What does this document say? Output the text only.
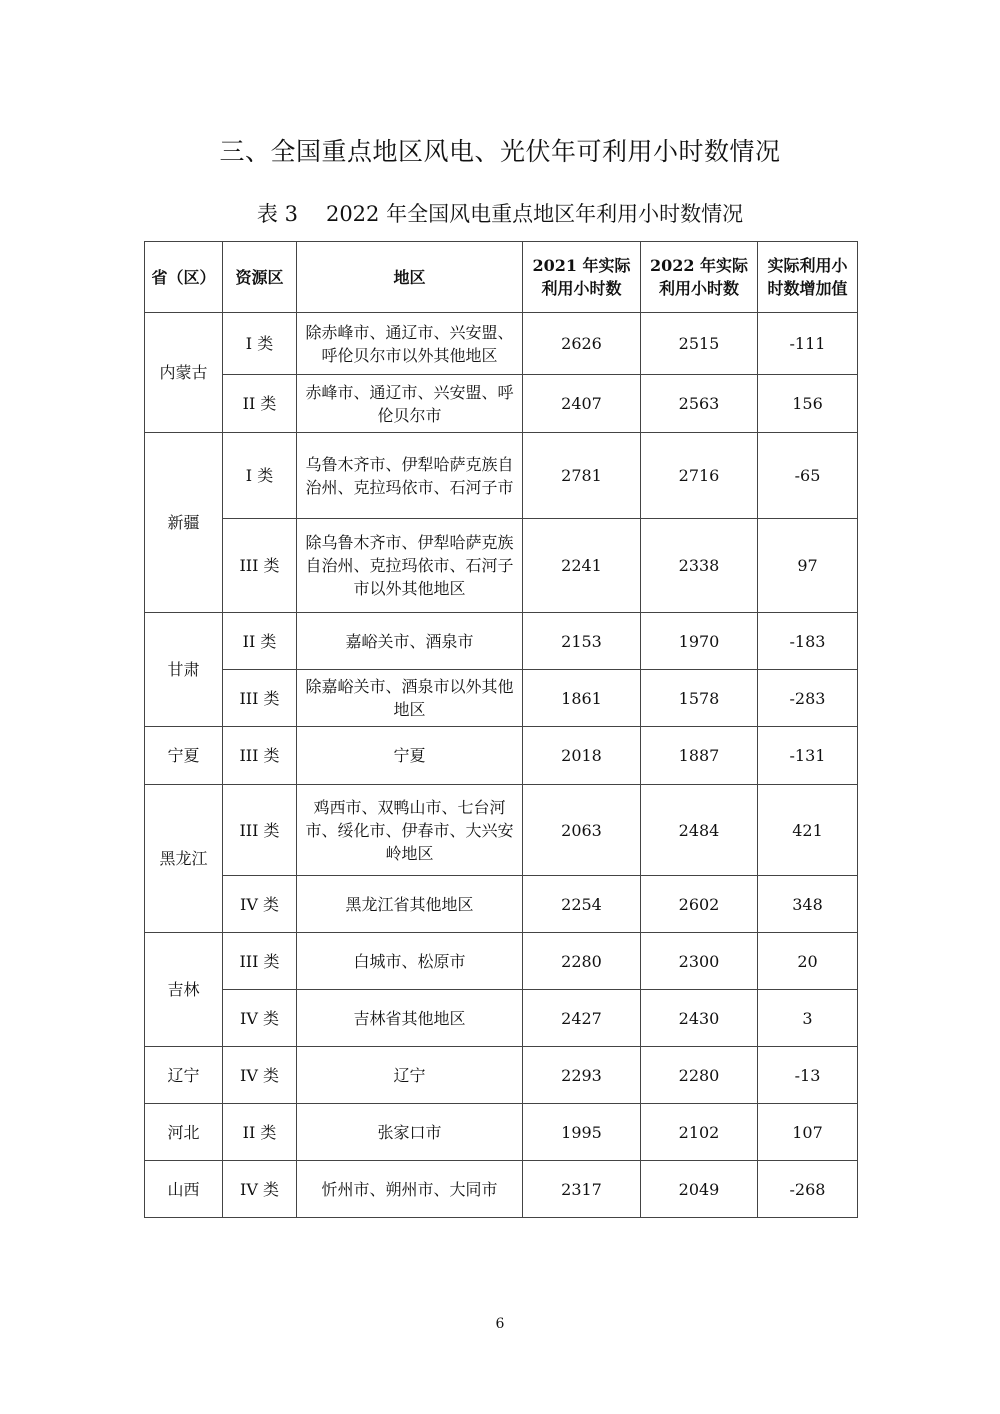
三、全国重点地区风电、光伏年可利用小时数情况
表 3 2022 年全国风电重点地区年利用小时数情况
省（区）	资源区	地区	2021 年实际利用小时数	2022 年实际利用小时数	实际利用小时数增加值
内蒙古	I 类	除赤峰市、通辽市、兴安盟、呼伦贝尔市以外其他地区	2626	2515	-111
	II 类	赤峰市、通辽市、兴安盟、呼伦贝尔市	2407	2563	156
新疆	I 类	乌鲁木齐市、伊犁哈萨克族自治州、克拉玛依市、石河子市	2781	2716	-65
	III 类	除乌鲁木齐市、伊犁哈萨克族自治州、克拉玛依市、石河子市以外其他地区	2241	2338	97
甘肃	II 类	嘉峪关市、酒泉市	2153	1970	-183
	III 类	除嘉峪关市、酒泉市以外其他地区	1861	1578	-283
宁夏	III 类	宁夏	2018	1887	-131
黑龙江	III 类	鸡西市、双鸭山市、七台河市、绥化市、伊春市、大兴安岭地区	2063	2484	421
	IV 类	黑龙江省其他地区	2254	2602	348
吉林	III 类	白城市、松原市	2280	2300	20
	IV 类	吉林省其他地区	2427	2430	3
辽宁	IV 类	辽宁	2293	2280	-13
河北	II 类	张家口市	1995	2102	107
山西	IV 类	忻州市、朔州市、大同市	2317	2049	-268
6
